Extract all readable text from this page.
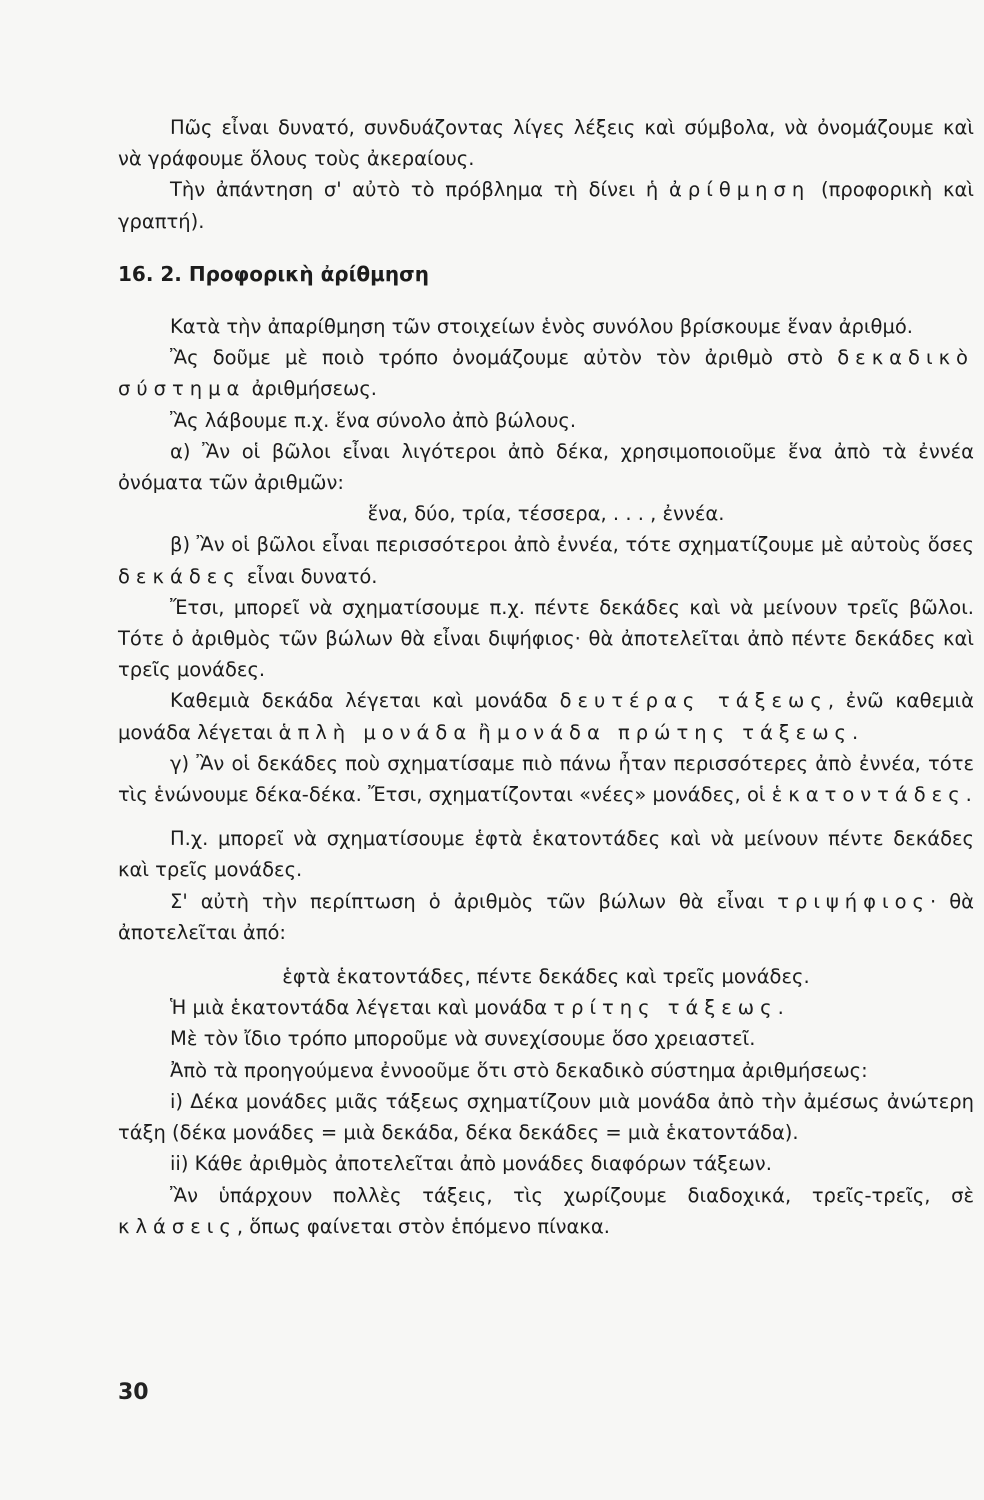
Πῶς εἶναι δυνατό, συνδυάζοντας λίγες λέξεις καὶ σύμβολα, νὰ ὀνομάζουμε καὶ νὰ γράφουμε ὅλους τοὺς ἀκεραίους.

Τὴν ἀπάντηση σ' αὐτὸ τὸ πρόβλημα τὴ δίνει ἡ ἀρίθμηση (προφορικὴ καὶ γραπτή).

16. 2. Προφορικὴ ἀρίθμηση

Κατὰ τὴν ἀπαρίθμηση τῶν στοιχείων ἑνὸς συνόλου βρίσκουμε ἕναν ἀριθμό.

Ἂς δοῦμε μὲ ποιὸ τρόπο ὀνομάζουμε αὐτὸν τὸν ἀριθμὸ στὸ δεκαδικὸ σύστημα ἀριθμήσεως.

Ἂς λάβουμε π.χ. ἕνα σύνολο ἀπὸ βώλους.

α) Ἂν οἱ βῶλοι εἶναι λιγότεροι ἀπὸ δέκα, χρησιμοποιοῦμε ἕνα ἀπὸ τὰ ἐννέα ὀνόματα τῶν ἀριθμῶν:

ἕνα, δύο, τρία, τέσσερα, . . . , ἐννέα.

β) Ἂν οἱ βῶλοι εἶναι περισσότεροι ἀπὸ ἐννέα, τότε σχηματίζουμε μὲ αὐτοὺς ὅσες δεκάδες εἶναι δυνατό.

Ἔτσι, μπορεῖ νὰ σχηματίσουμε π.χ. πέντε δεκάδες καὶ νὰ μείνουν τρεῖς βῶλοι. Τότε ὁ ἀριθμὸς τῶν βώλων θὰ εἶναι διψήφιος· θὰ ἀποτελεῖται ἀπὸ πέντε δεκάδες καὶ τρεῖς μονάδες.

Καθεμιὰ δεκάδα λέγεται καὶ μονάδα δευτέρας τάξεως, ἐνῶ καθεμιὰ μονάδα λέγεται ἁπλὴ μονάδα ἢ μονάδα πρώτης τάξεως.

γ) Ἂν οἱ δεκάδες ποὺ σχηματίσαμε πιὸ πάνω ἦταν περισσότερες ἀπὸ ἐννέα, τότε τὶς ἑνώνουμε δέκα-δέκα. Ἔτσι, σχηματίζονται «νέες» μονάδες, οἱ ἑκατοντάδες.

Π.χ. μπορεῖ νὰ σχηματίσουμε ἑφτὰ ἑκατοντάδες καὶ νὰ μείνουν πέντε δεκάδες καὶ τρεῖς μονάδες.

Σ' αὐτὴ τὴν περίπτωση ὁ ἀριθμὸς τῶν βώλων θὰ εἶναι τριψήφιος· θὰ ἀποτελεῖται ἀπό:

ἑφτὰ ἑκατοντάδες, πέντε δεκάδες καὶ τρεῖς μονάδες.

Ἡ μιὰ ἑκατοντάδα λέγεται καὶ μονάδα τρίτης τάξεως.

Μὲ τὸν ἴδιο τρόπο μποροῦμε νὰ συνεχίσουμε ὅσο χρειαστεῖ.

Ἀπὸ τὰ προηγούμενα ἐννοοῦμε ὅτι στὸ δεκαδικὸ σύστημα ἀριθμήσεως:

i) Δέκα μονάδες μιᾶς τάξεως σχηματίζουν μιὰ μονάδα ἀπὸ τὴν ἀμέσως ἀνώτερη τάξη (δέκα μονάδες = μιὰ δεκάδα, δέκα δεκάδες = μιὰ ἑκατοντάδα).

ii) Κάθε ἀριθμὸς ἀποτελεῖται ἀπὸ μονάδες διαφόρων τάξεων.

Ἂν ὑπάρχουν πολλὲς τάξεις, τὶς χωρίζουμε διαδοχικά, τρεῖς-τρεῖς, σὲ κλάσεις, ὅπως φαίνεται στὸν ἑπόμενο πίνακα.

30
